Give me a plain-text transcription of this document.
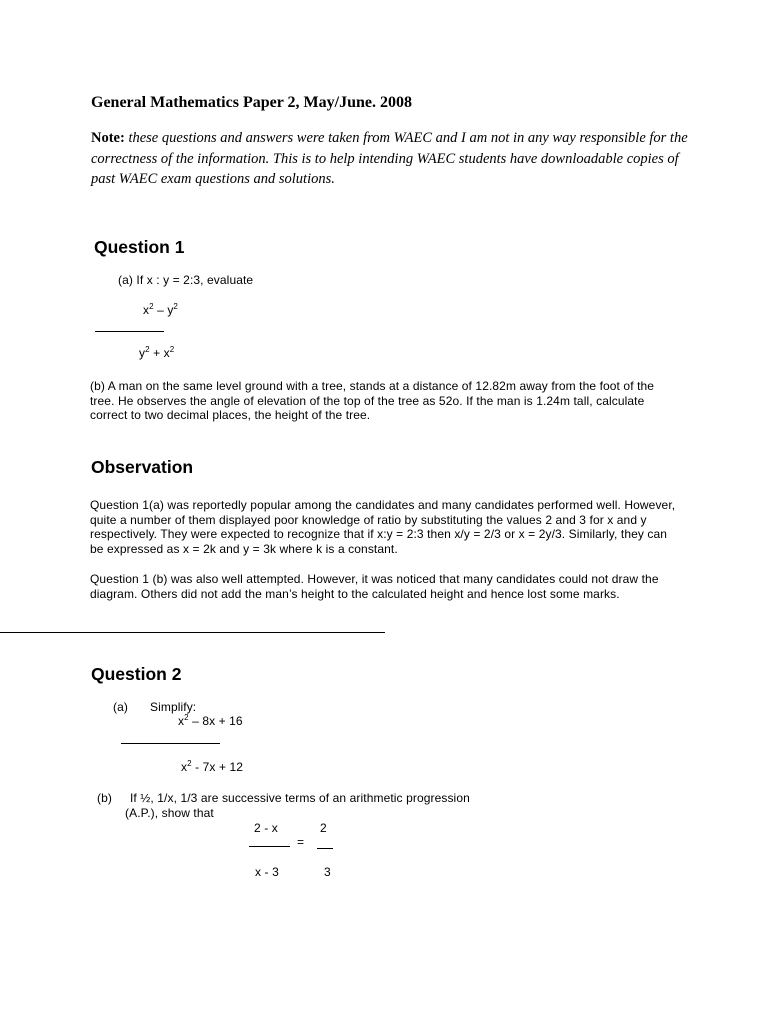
General Mathematics Paper 2, May/June. 2008
Note: these questions and answers were taken from WAEC and I am not in any way responsible for the correctness of the information. This is to help intending WAEC students have downloadable copies of past WAEC exam questions and solutions.
Question 1
(a) If x : y = 2:3, evaluate
$x^2 - y^2$
$y^2 + x^2$
(b) A man on the same level ground with a tree, stands at a distance of 12.82m away from the foot of the tree. He observes the angle of elevation of the top of the tree as 52o. If the man is 1.24m tall, calculate correct to two decimal places, the height of the tree.
Observation
Question 1(a) was reportedly popular among the candidates and many candidates performed well. However, quite a number of them displayed poor knowledge of ratio by substituting the values 2 and 3 for x and y respectively. They were expected to recognize that if x:y = 2:3 then x/y = 2/3 or x = 2y/3. Similarly, they can be expressed as x = 2k and y = 3k where k is a constant.
Question 1 (b) was also well attempted. However, it was noticed that many candidates could not draw the diagram. Others did not add the man’s height to the calculated height and hence lost some marks.
Question 2
(a) Simplify:
$x^2 - 8x + 16$
$x^2 - 7x + 12$
(b) If ½, 1/x, 1/3 are successive terms of an arithmetic progression
(A.P.), show that
2 - x
=
x - 3
2
3
